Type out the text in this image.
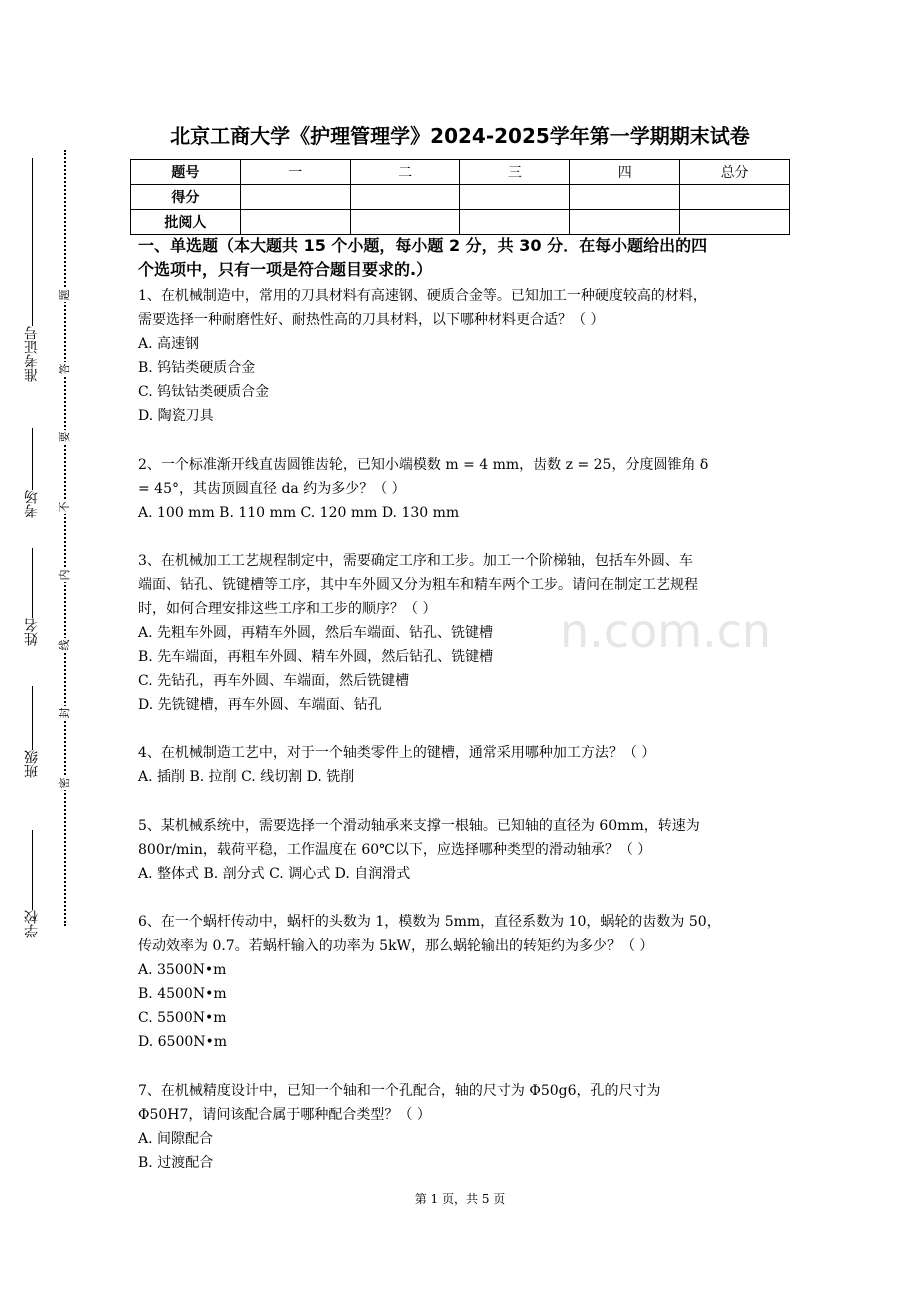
n.com.cn
题
答
要
不
内
线
封
密
准考证号
考场
姓名
班级
学校
北京工商大学《护理管理学》2024-2025学年第一学期期末试卷
题号	一	二	三	四	总分
得分					
批阅人					
一、单选题（本大题共 15 个小题，每小题 2 分，共 30 分．在每小题给出的四
个选项中，只有一项是符合题目要求的.）
1、在机械制造中，常用的刀具材料有高速钢、硬质合金等。已知加工一种硬度较高的材料，
需要选择一种耐磨性好、耐热性高的刀具材料，以下哪种材料更合适？（ ）
A. 高速钢
B. 钨钴类硬质合金
C. 钨钛钴类硬质合金
D. 陶瓷刀具
2、一个标准渐开线直齿圆锥齿轮，已知小端模数 m = 4 mm，齿数 z = 25，分度圆锥角 δ
= 45°，其齿顶圆直径 da 约为多少？（ ）
A. 100 mm B. 110 mm C. 120 mm D. 130 mm
3、在机械加工工艺规程制定中，需要确定工序和工步。加工一个阶梯轴，包括车外圆、车
端面、钻孔、铣键槽等工序，其中车外圆又分为粗车和精车两个工步。请问在制定工艺规程
时，如何合理安排这些工序和工步的顺序？（ ）
A. 先粗车外圆，再精车外圆，然后车端面、钻孔、铣键槽
B. 先车端面，再粗车外圆、精车外圆，然后钻孔、铣键槽
C. 先钻孔，再车外圆、车端面，然后铣键槽
D. 先铣键槽，再车外圆、车端面、钻孔
4、在机械制造工艺中，对于一个轴类零件上的键槽，通常采用哪种加工方法？（ ）
A. 插削 B. 拉削 C. 线切割 D. 铣削
5、某机械系统中，需要选择一个滑动轴承来支撑一根轴。已知轴的直径为 60mm，转速为
800r/min，载荷平稳，工作温度在 60℃以下，应选择哪种类型的滑动轴承？（ ）
A. 整体式 B. 剖分式 C. 调心式 D. 自润滑式
6、在一个蜗杆传动中，蜗杆的头数为 1，模数为 5mm，直径系数为 10，蜗轮的齿数为 50，
传动效率为 0.7。若蜗杆输入的功率为 5kW，那么蜗轮输出的转矩约为多少？（ ）
A. 3500N•m
B. 4500N•m
C. 5500N•m
D. 6500N•m
7、在机械精度设计中，已知一个轴和一个孔配合，轴的尺寸为 Φ50g6，孔的尺寸为
Φ50H7，请问该配合属于哪种配合类型？（ ）
A. 间隙配合
B. 过渡配合
第 1 页，共 5 页
